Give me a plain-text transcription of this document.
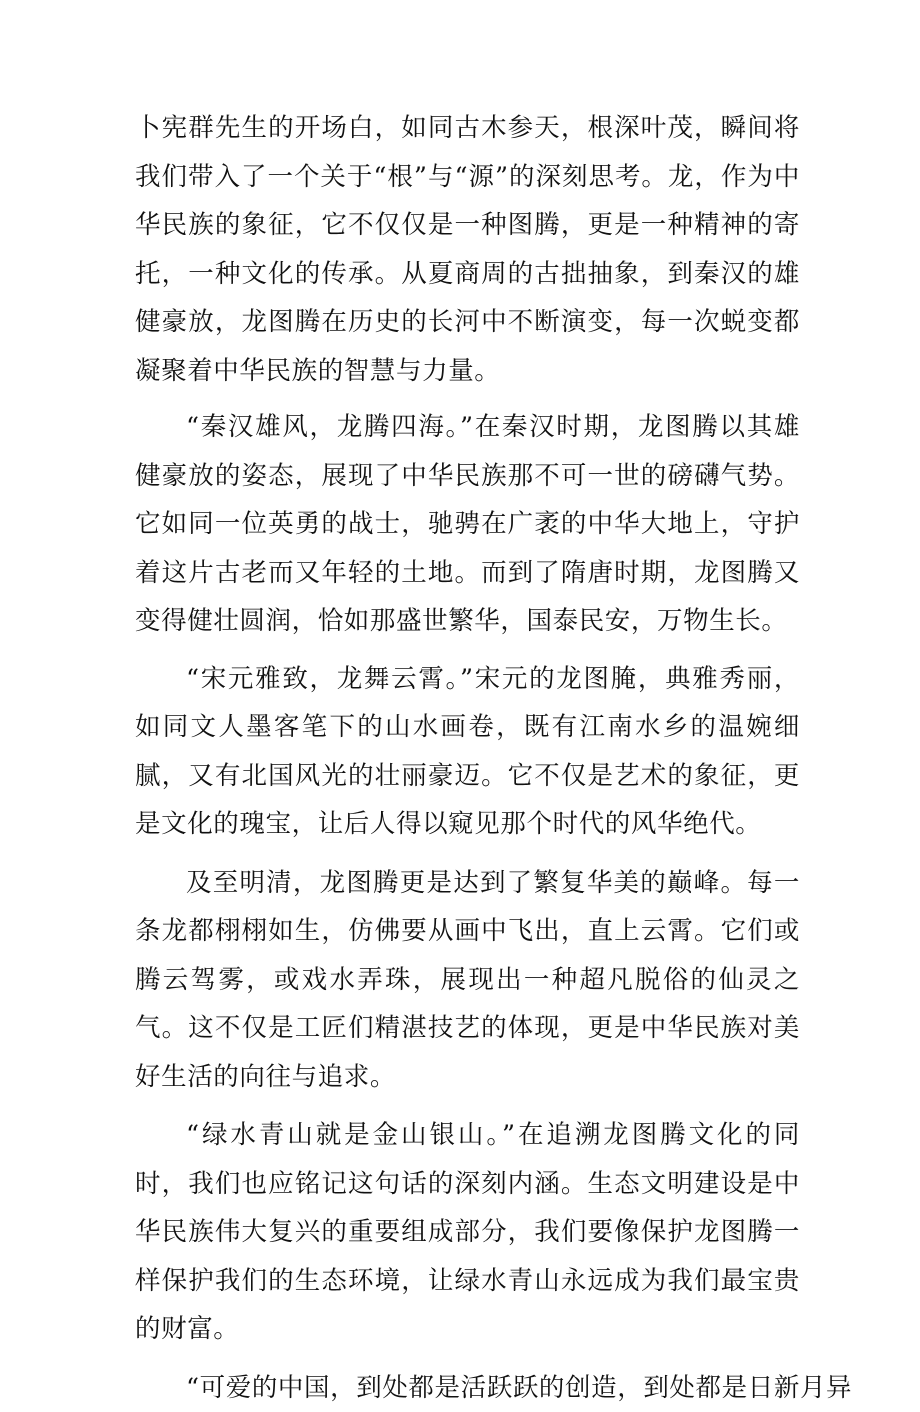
卜宪群先生的开场白，如同古木参天，根深叶茂，瞬间将我们带入了一个关于“根”与“源”的深刻思考。龙，作为中华民族的象征，它不仅仅是一种图腾，更是一种精神的寄托，一种文化的传承。从夏商周的古拙抽象，到秦汉的雄健豪放，龙图腾在历史的长河中不断演变，每一次蜕变都凝聚着中华民族的智慧与力量。

“秦汉雄风，龙腾四海。”在秦汉时期，龙图腾以其雄健豪放的姿态，展现了中华民族那不可一世的磅礴气势。它如同一位英勇的战士，驰骋在广袤的中华大地上，守护着这片古老而又年轻的土地。而到了隋唐时期，龙图腾又变得健壮圆润，恰如那盛世繁华，国泰民安，万物生长。

“宋元雅致，龙舞云霄。”宋元的龙图腌，典雅秀丽，如同文人墨客笔下的山水画卷，既有江南水乡的温婉细腻，又有北国风光的壮丽豪迈。它不仅是艺术的象征，更是文化的瑰宝，让后人得以窥见那个时代的风华绝代。

及至明清，龙图腾更是达到了繁复华美的巅峰。每一条龙都栩栩如生，仿佛要从画中飞出，直上云霄。它们或腾云驾雾，或戏水弄珠，展现出一种超凡脱俗的仙灵之气。这不仅是工匠们精湛技艺的体现，更是中华民族对美好生活的向往与追求。

“绿水青山就是金山银山。”在追溯龙图腾文化的同时，我们也应铭记这句话的深刻内涵。生态文明建设是中华民族伟大复兴的重要组成部分，我们要像保护龙图腾一样保护我们的生态环境，让绿水青山永远成为我们最宝贵的财富。

“可爱的中国，到处都是活跃跃的创造，到处都是日新月异
